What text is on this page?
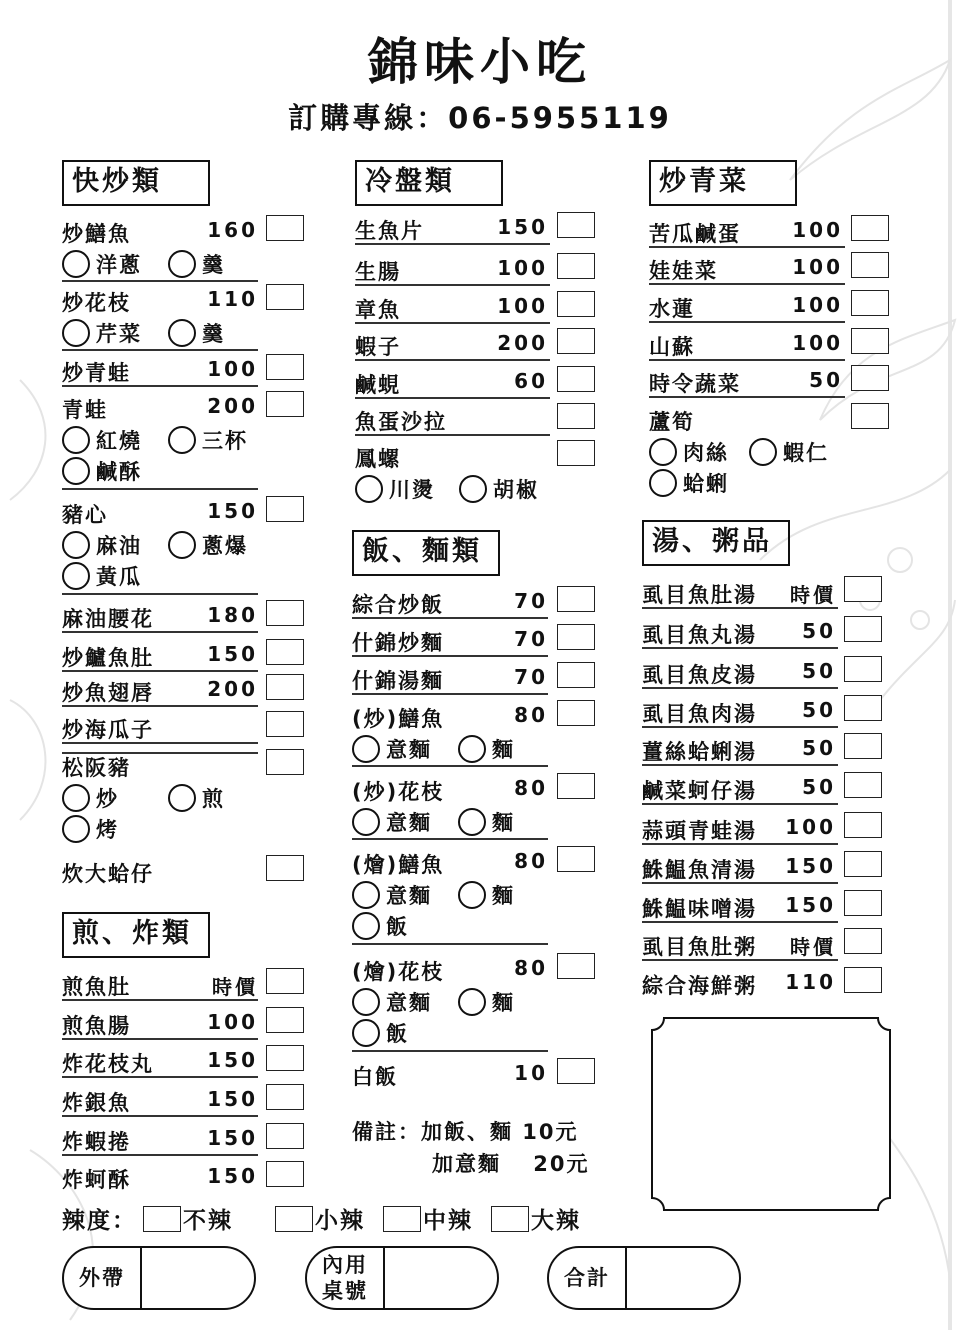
錦味小吃
訂購專線：06-5955119
快炒類
炒鱔魚	160
洋蔥	羹
炒花枝	110
芹菜	羹
炒青蛙	100
青蛙	200
紅燒	三杯
鹹酥
豬心	150
麻油	蔥爆
黃瓜
麻油腰花	180
炒鱸魚肚	150
炒魚翅唇	200
炒海瓜子
松阪豬
炒	煎
烤
炊大蛤仔
煎、炸類
煎魚肚	時價
煎魚腸	100
炸花枝丸	150
炸銀魚	150
炸蝦捲	150
炸蚵酥	150
冷盤類
生魚片	150
生腸	100
章魚	100
蝦子	200
鹹蜆	60
魚蛋沙拉
鳳螺
川燙	胡椒
飯、麵類
綜合炒飯	70
什錦炒麵	70
什錦湯麵	70
(炒)鱔魚	80
意麵	麵
(炒)花枝	80
意麵	麵
(燴)鱔魚	80
意麵	麵
飯
(燴)花枝	80
意麵	麵
飯
白飯	10
備註：加飯、麵 10元
加意麵　 20元
炒青菜
苦瓜鹹蛋	100
娃娃菜	100
水蓮	100
山蘇	100
時令蔬菜	50
蘆筍
肉絲	蝦仁
蛤蜊
湯、粥品
虱目魚肚湯	時價
虱目魚丸湯	50
虱目魚皮湯	50
虱目魚肉湯	50
薑絲蛤蜊湯	50
鹹菜蚵仔湯	50
蒜頭青蛙湯	100
鮢鰛魚清湯	150
鮢鰛味噌湯	150
虱目魚肚粥	時價
綜合海鮮粥	110
辣度： 不辣	小辣	中辣	大辣
外帶
內用
桌號
合計
